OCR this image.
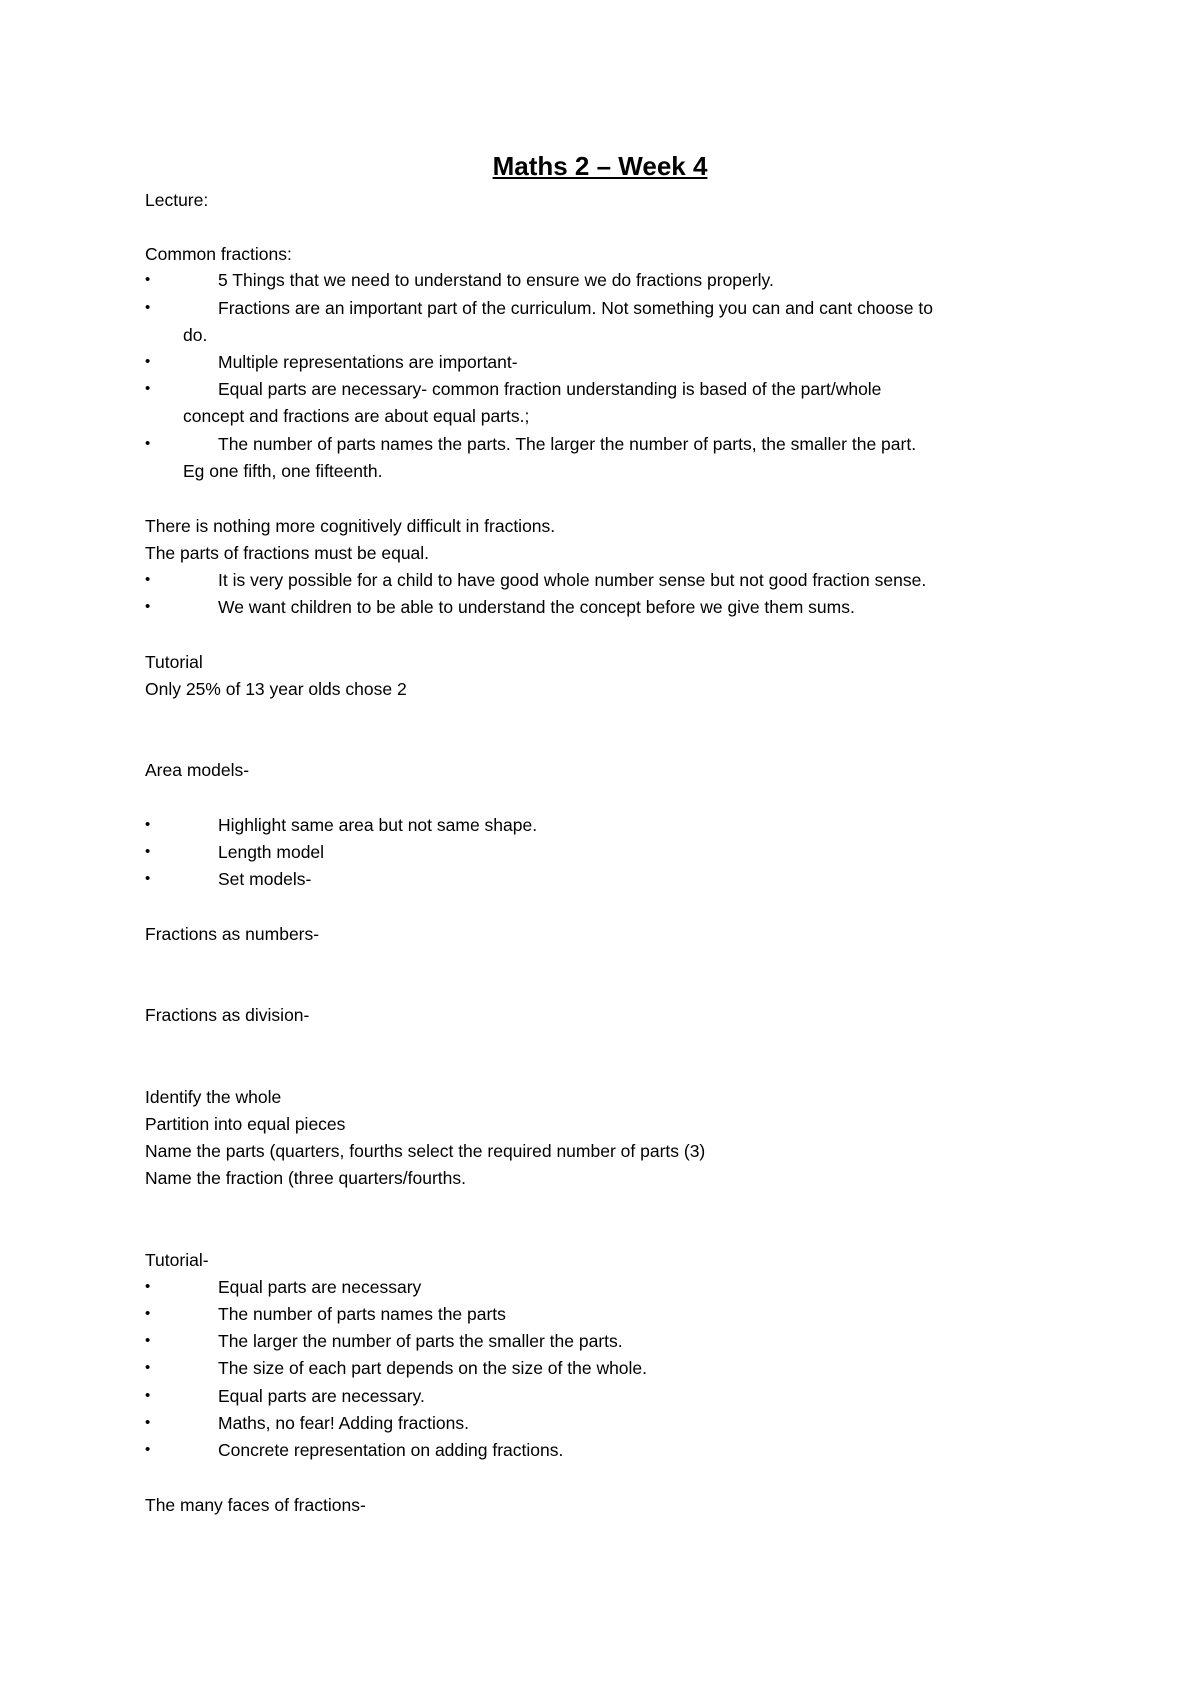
Maths 2 – Week 4
Lecture:
Common fractions:
•	5 Things that we need to understand to ensure we do fractions properly.
•	Fractions are an important part of the curriculum. Not something you can and cant choose to
do.
•	Multiple representations are important-
•	Equal parts are necessary- common fraction understanding is based of the part/whole
concept and fractions are about equal parts.;
•	The number of parts names the parts. The larger the number of parts, the smaller the part.
Eg one fifth, one fifteenth.
There is nothing more cognitively difficult in fractions.
The parts of fractions must be equal.
•	It is very possible for a child to have good whole number sense but not good fraction sense.
•	We want children to be able to understand the concept before we give them sums.
Tutorial
Only 25% of 13 year olds chose 2
Area models-
•	Highlight same area but not same shape.
•	Length model
•	Set models-
Fractions as numbers-
Fractions as division-
Identify the whole
Partition into equal pieces
Name the parts (quarters, fourths select the required number of parts (3)
Name the fraction (three quarters/fourths.
Tutorial-
•	Equal parts are necessary
•	The number of parts names the parts
•	The larger the number of parts the smaller the parts.
•	The size of each part depends on the size of the whole.
•	Equal parts are necessary.
•	Maths, no fear! Adding fractions.
•	Concrete representation on adding fractions.
The many faces of fractions-
